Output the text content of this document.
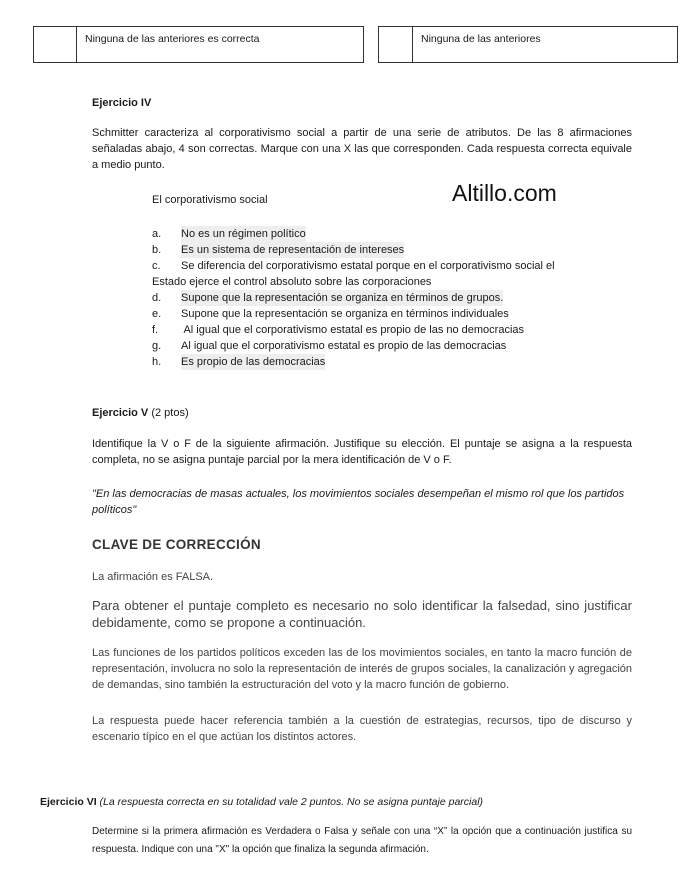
Ninguna de las anteriores es correcta	Ninguna de las anteriores
Ejercicio IV
Schmitter caracteriza al corporativismo social a partir de una serie de atributos. De las 8 afirmaciones señaladas abajo, 4 son correctas. Marque con una X las que corresponden. Cada respuesta correcta equivale a medio punto.
El corporativismo social	Altillo.com
a.	No es un régimen político
b.	Es un sistema de representación de intereses
c.	Se diferencia del corporativismo estatal porque en el corporativismo social el
Estado ejerce el control absoluto sobre las corporaciones
d.	Supone que la representación se organiza en términos de grupos.
e.	Supone que la representación se organiza en términos individuales
f.	Al igual que el corporativismo estatal es propio de las no democracias
g.	Al igual que el corporativismo estatal es propio de las democracias
h.	Es propio de las democracias
Ejercicio V (2 ptos)
Identifique la V o F de la siguiente afirmación. Justifique su elección. El puntaje se asigna a la respuesta completa, no se asigna puntaje parcial por la mera identificación de V o F.
"En las democracias de masas actuales, los movimientos sociales desempeñan el mismo rol que los partidos políticos"
CLAVE DE CORRECCIÓN
La afirmación es FALSA.
Para obtener el puntaje completo es necesario no solo identificar la falsedad, sino justificar debidamente, como se propone a continuación.
Las funciones de los partidos políticos exceden las de los movimientos sociales, en tanto la macro función de representación, involucra no solo la representación de interés de grupos sociales, la canalización y agregación de demandas, sino también la estructuración del voto y la macro función de gobierno.
La respuesta puede hacer referencia también a la cuestión de estrategias, recursos, tipo de discurso y escenario típico en el que actúan los distintos actores.
Ejercicio VI (La respuesta correcta en su totalidad vale 2 puntos. No se asigna puntaje parcial)
Determine si la primera afirmación es Verdadera o Falsa y señale con una “X” la opción que a continuación justifica su respuesta. Indique con una "X" la opción que finaliza la segunda afirmación.
